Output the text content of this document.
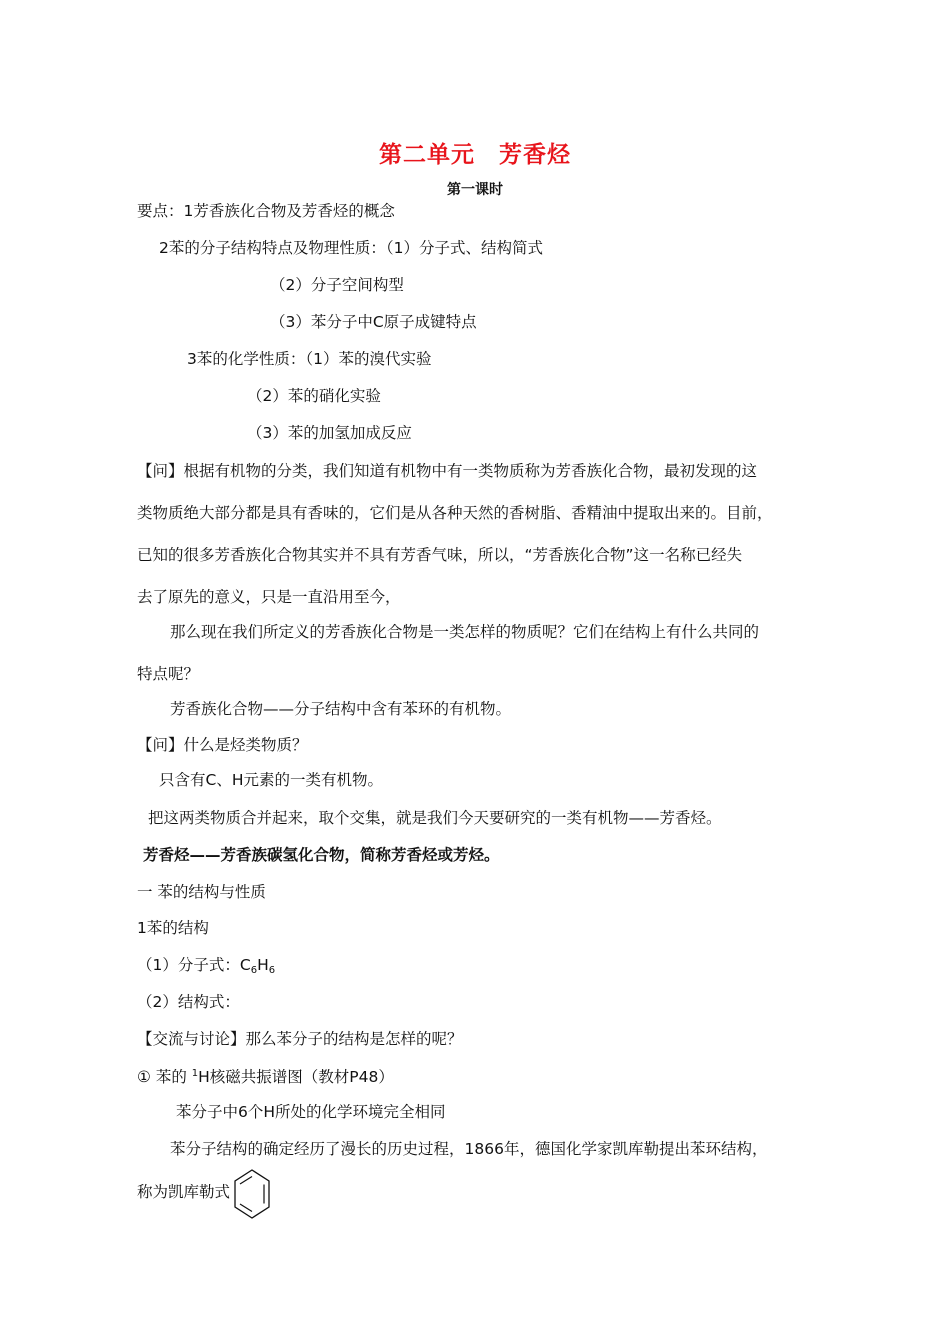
第二单元　芳香烃
第一课时
要点：1芳香族化合物及芳香烃的概念
2苯的分子结构特点及物理性质：（1）分子式、结构简式
（2）分子空间构型
（3）苯分子中C原子成键特点
3苯的化学性质：（1）苯的溴代实验
（2）苯的硝化实验
（3）苯的加氢加成反应
【问】根据有机物的分类，我们知道有机物中有一类物质称为芳香族化合物，最初发现的这
类物质绝大部分都是具有香味的，它们是从各种天然的香树脂、香精油中提取出来的。目前，
已知的很多芳香族化合物其实并不具有芳香气味，所以，“芳香族化合物”这一名称已经失
去了原先的意义，只是一直沿用至今，
那么现在我们所定义的芳香族化合物是一类怎样的物质呢？它们在结构上有什么共同的
特点呢？
芳香族化合物——分子结构中含有苯环的有机物。
【问】什么是烃类物质？
只含有C、H元素的一类有机物。
把这两类物质合并起来，取个交集，就是我们今天要研究的一类有机物——芳香烃。
芳香烃——芳香族碳氢化合物，简称芳香烃或芳烃。
一 苯的结构与性质
1苯的结构
（1）分子式：$C_6H_6$
（2）结构式：
【交流与讨论】那么苯分子的结构是怎样的呢？
① 苯的 $^1$H核磁共振谱图（教材P48）
苯分子中6个H所处的化学环境完全相同
苯分子结构的确定经历了漫长的历史过程，1866年，德国化学家凯库勒提出苯环结构，
称为凯库勒式
